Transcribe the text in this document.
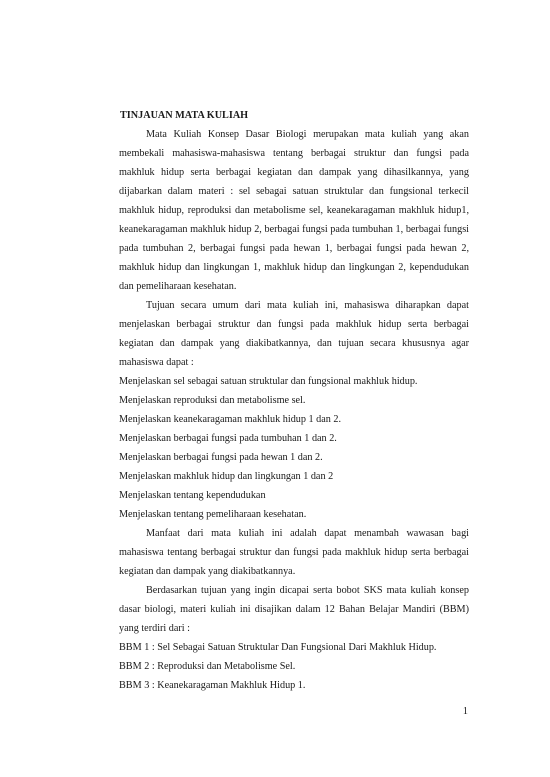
TINJAUAN MATA KULIAH

Mata Kuliah Konsep Dasar Biologi merupakan mata kuliah yang akan membekali mahasiswa-mahasiswa tentang berbagai struktur dan fungsi pada makhluk hidup serta berbagai kegiatan dan dampak yang dihasilkannya, yang dijabarkan dalam materi : sel sebagai satuan struktular dan fungsional terkecil makhluk hidup, reproduksi dan metabolisme sel, keanekaragaman makhluk hidup1, keanekaragaman makhluk hidup 2, berbagai fungsi pada tumbuhan 1, berbagai fungsi pada tumbuhan 2, berbagai fungsi pada hewan 1, berbagai fungsi pada hewan 2, makhluk hidup dan lingkungan 1, makhluk hidup dan lingkungan 2, kependudukan dan pemeliharaan kesehatan.

Tujuan secara umum dari mata kuliah ini, mahasiswa diharapkan dapat menjelaskan berbagai struktur dan fungsi pada makhluk hidup serta berbagai kegiatan dan dampak yang diakibatkannya, dan tujuan secara khususnya agar mahasiswa dapat :

Menjelaskan sel sebagai satuan struktular dan fungsional makhluk hidup.

Menjelaskan reproduksi dan metabolisme sel.

Menjelaskan keanekaragaman makhluk hidup 1 dan 2.

Menjelaskan berbagai fungsi pada tumbuhan 1 dan 2.

Menjelaskan berbagai fungsi pada hewan 1 dan 2.

Menjelaskan makhluk hidup dan lingkungan 1 dan 2

Menjelaskan tentang kependudukan

Menjelaskan tentang pemeliharaan kesehatan.

Manfaat dari mata kuliah ini adalah dapat menambah wawasan bagi mahasiswa tentang berbagai struktur dan fungsi pada makhluk hidup serta berbagai kegiatan dan dampak yang diakibatkannya.

Berdasarkan tujuan yang ingin dicapai serta bobot SKS mata kuliah konsep dasar biologi, materi kuliah ini disajikan dalam 12 Bahan Belajar Mandiri (BBM) yang terdiri dari :

BBM 1 : Sel Sebagai Satuan Struktular Dan Fungsional Dari Makhluk Hidup.

BBM 2 : Reproduksi dan Metabolisme Sel.

BBM 3 : Keanekaragaman Makhluk Hidup 1.

1
